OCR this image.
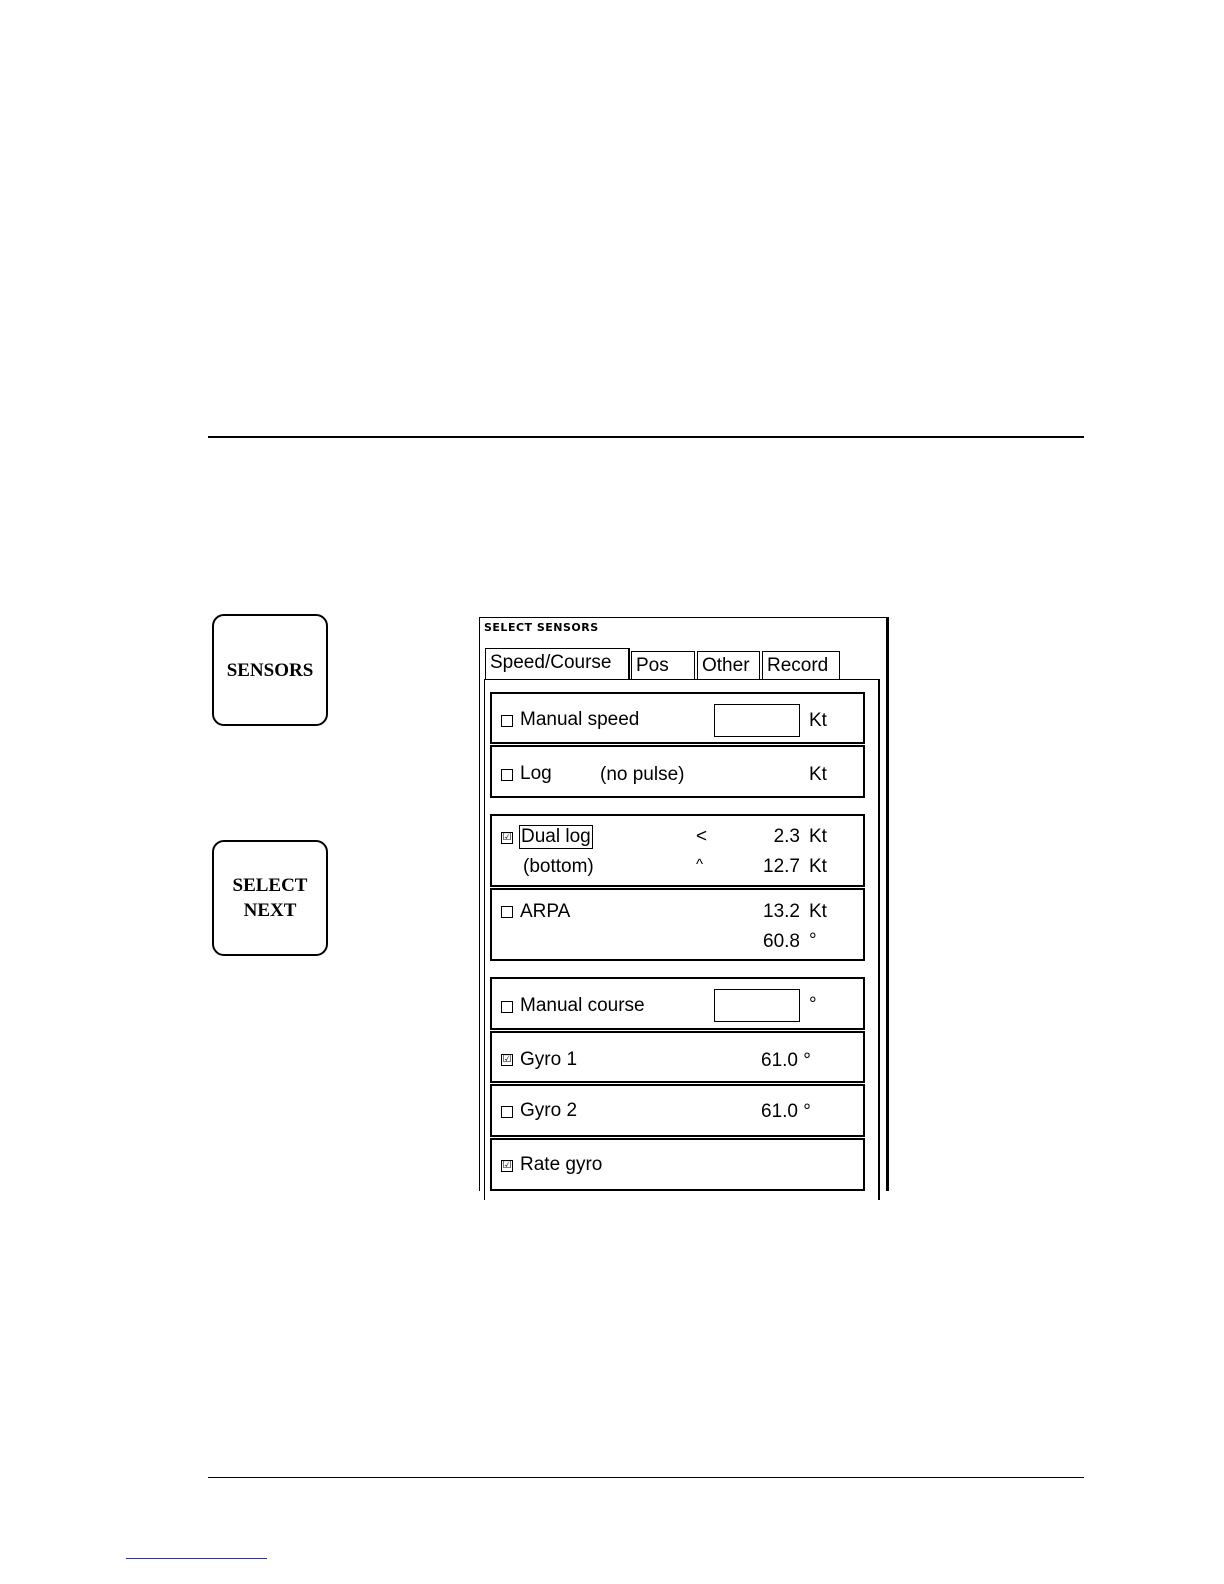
SENSORS
SELECT
NEXT
SELECT SENSORS
Speed/Course	Pos	Other Record
Manual speed	Kt
Log	(no pulse)	Kt
☑ Dual log	<	2.3 Kt
(bottom)	^	12.7 Kt
ARPA	13.2 Kt
60.8 °
Manual course	°
☑ Gyro 1	61.0 °
Gyro 2	61.0 °
☑ Rate gyro
